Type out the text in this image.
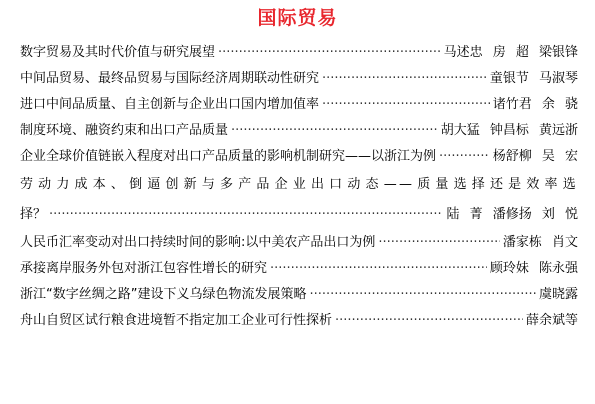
国际贸易
数字贸易及其时代价值与研究展望 ·····	马述忠 房 超 梁银锋
中间品贸易、最终品贸易与国际经济周期联动性研究 ·····	童银节 马淑琴
进口中间品质量、自主创新与企业出口国内增加值率 ·····	诸竹君 余 骁
制度环境、融资约束和出口产品质量 ·····	胡大猛 钟昌标 黄远浙
企业全球价值链嵌入程度对出口产品质量的影响机制研究——以浙江为例 ·····	杨舒柳 吴 宏
劳动力成本、倒逼创新与多产品企业出口动态——质量选择还是效率选
择？ ·····	陆 菁 潘修扬 刘 悦
人民币汇率变动对出口持续时间的影响:以中美农产品出口为例 ·····	潘家栋 肖文
承接离岸服务外包对浙江包容性增长的研究 ·····	顾玲妹 陈永强
浙江“数字丝绸之路”建设下义乌绿色物流发展策略 ·····	虞晓露
舟山自贸区试行粮食进境暂不指定加工企业可行性探析 ·····	薛余斌等
